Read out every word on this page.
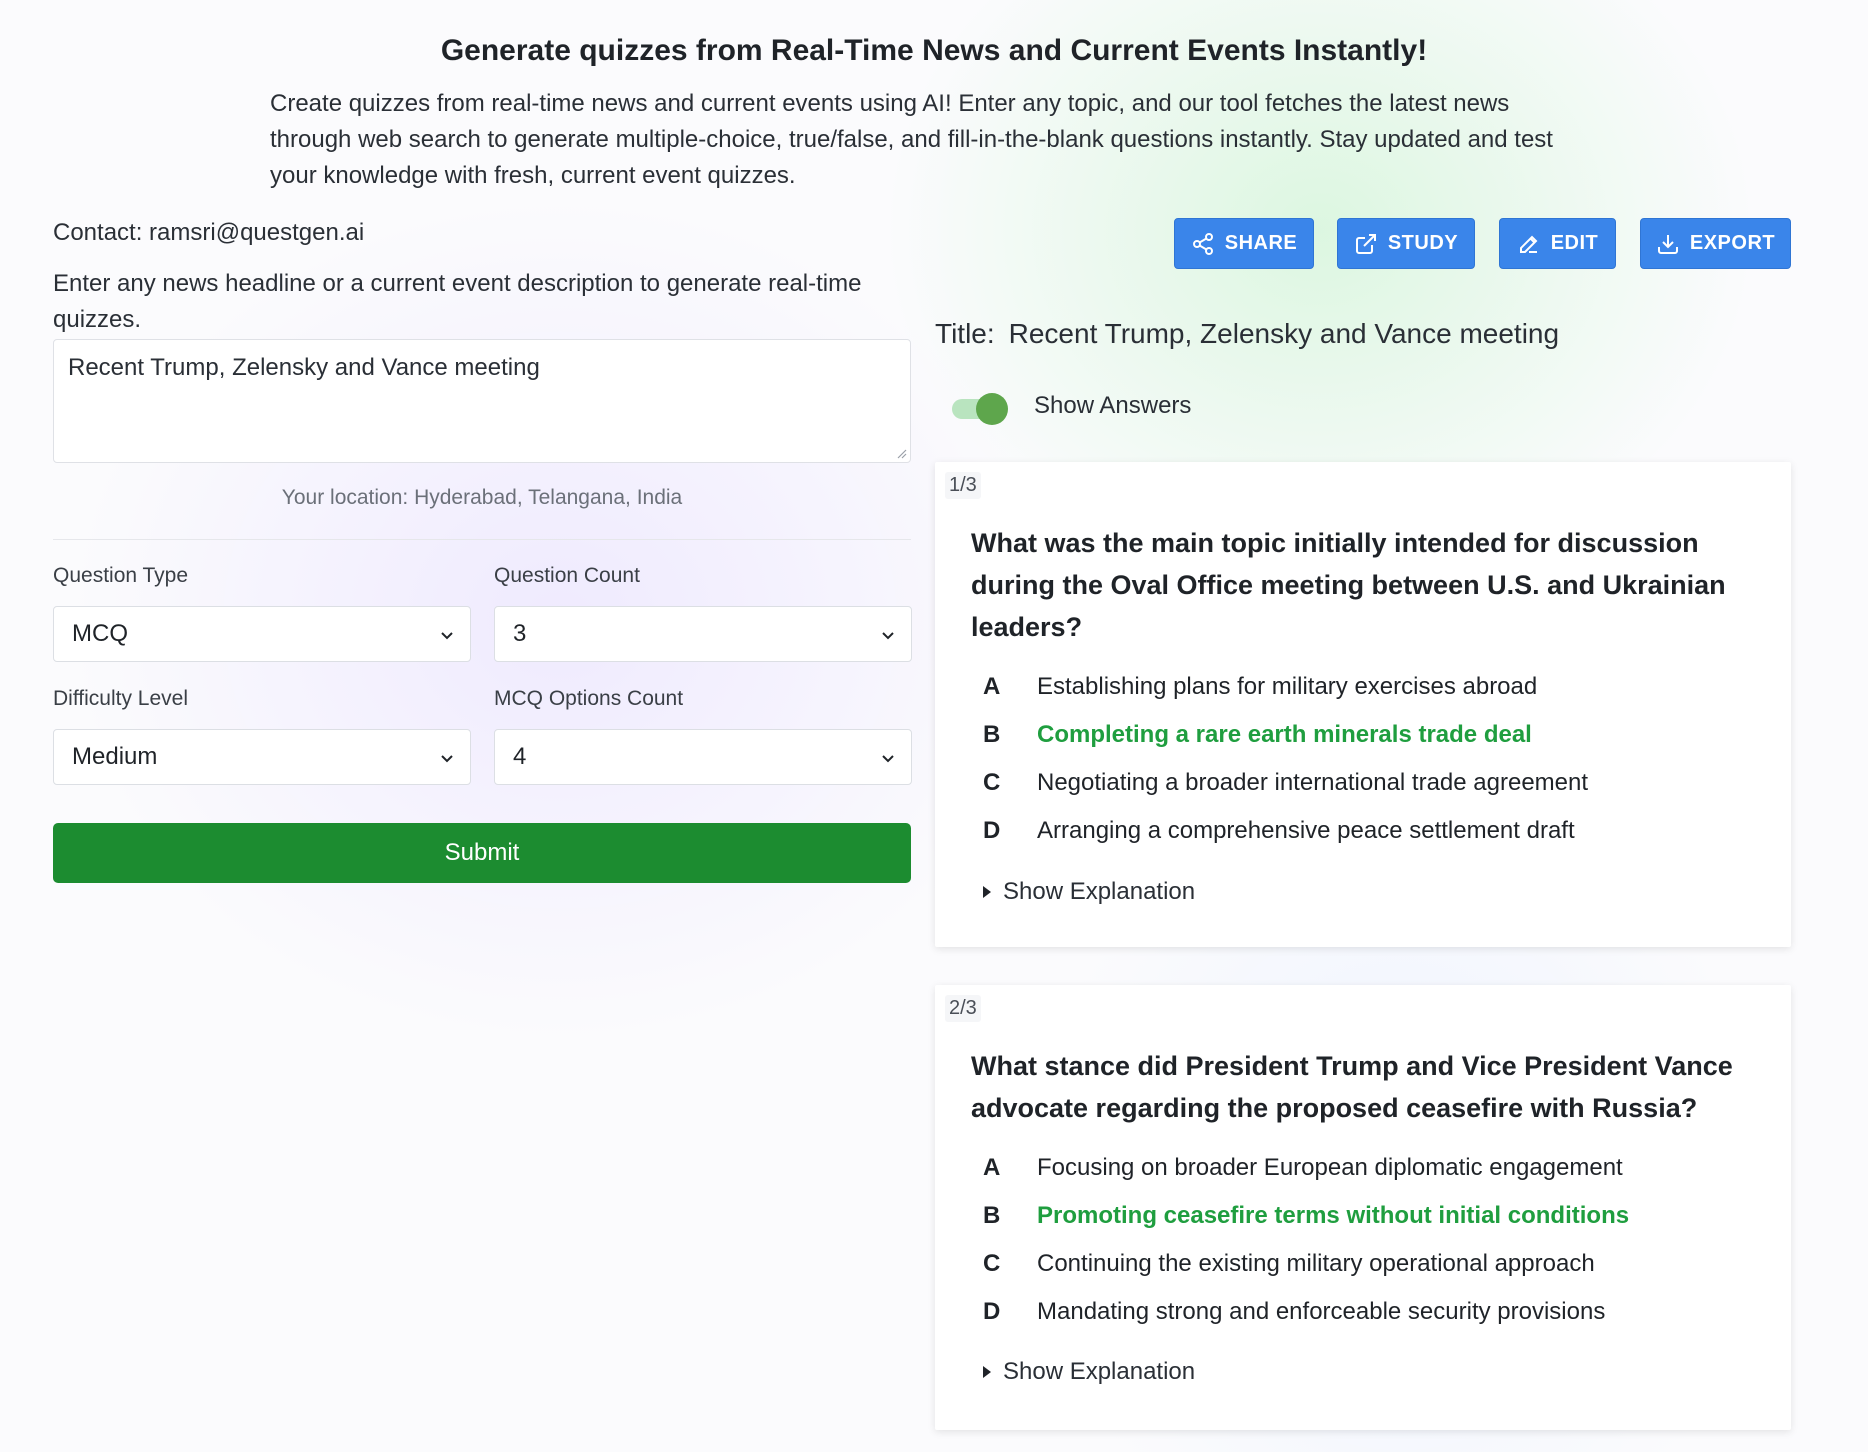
Generate quizzes from Real-Time News and Current Events Instantly!

Create quizzes from real-time news and current events using AI! Enter any topic, and our tool fetches the latest news through web search to generate multiple-choice, true/false, and fill-in-the-blank questions instantly. Stay updated and test your knowledge with fresh, current event quizzes.

Contact: ramsri@questgen.ai

Enter any news headline or a current event description to generate real-time quizzes.

Recent Trump, Zelensky and Vance meeting
Your location: Hyderabad, Telangana, India
Question Type
MCQ
Question Count
3
Difficulty Level
Medium
MCQ Options Count
4
Submit
SHARE	STUDY	EDIT	EXPORT
Title: Recent Trump, Zelensky and Vance meeting
Show Answers
1/3

What was the main topic initially intended for discussion during the Oval Office meeting between U.S. and Ukrainian leaders?

A Establishing plans for military exercises abroad
B Completing a rare earth minerals trade deal
C Negotiating a broader international trade agreement
D Arranging a comprehensive peace settlement draft
Show Explanation
2/3

What stance did President Trump and Vice President Vance advocate regarding the proposed ceasefire with Russia?

A Focusing on broader European diplomatic engagement
B Promoting ceasefire terms without initial conditions
C Continuing the existing military operational approach
D Mandating strong and enforceable security provisions
Show Explanation
